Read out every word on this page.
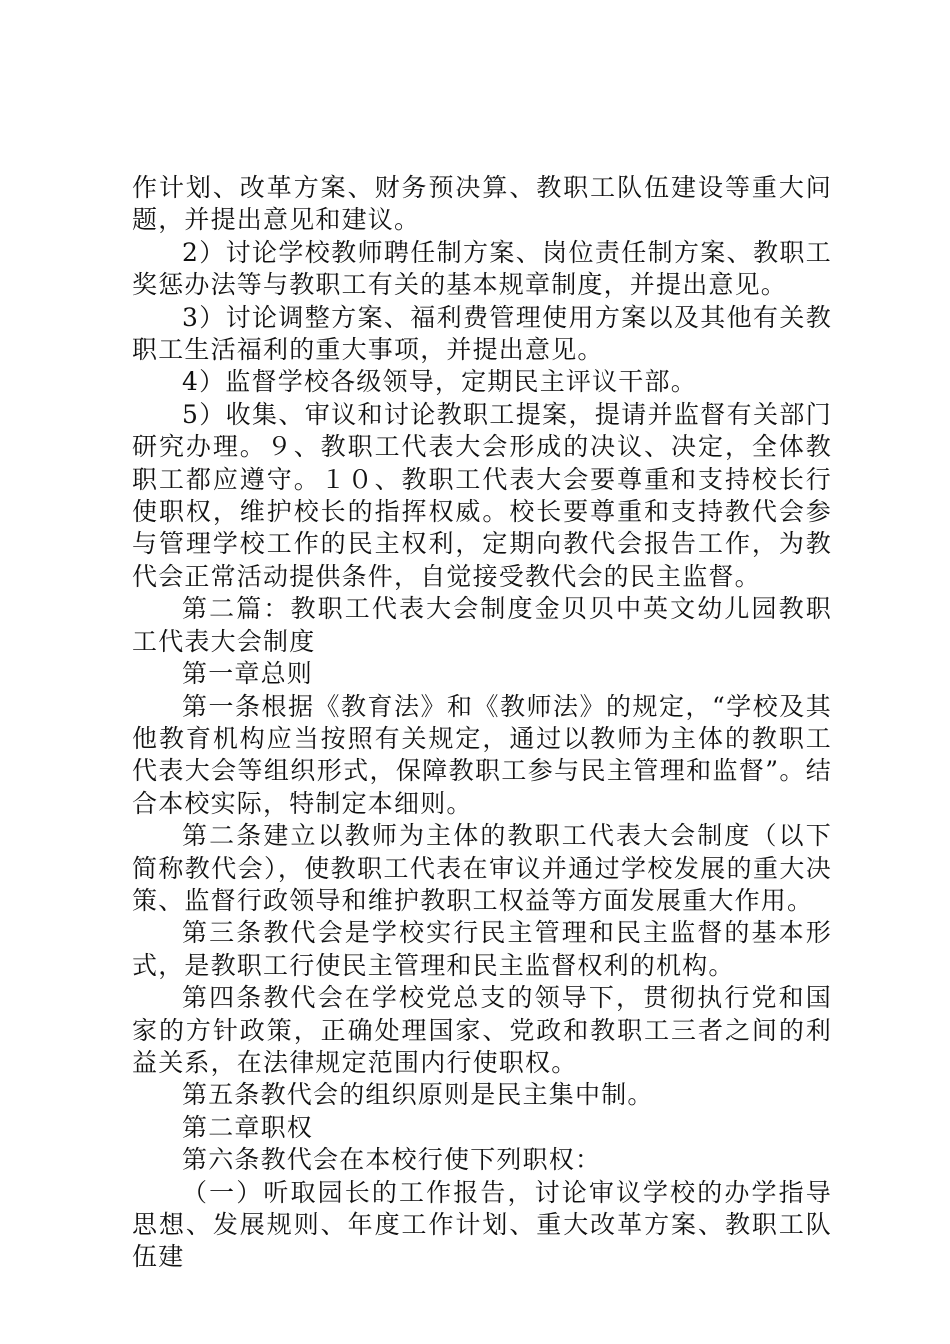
作计划、改革方案、财务预决算、教职工队伍建设等重大问题，并提出意见和建议。

2）讨论学校教师聘任制方案、岗位责任制方案、教职工奖惩办法等与教职工有关的基本规章制度，并提出意见。

3）讨论调整方案、福利费管理使用方案以及其他有关教职工生活福利的重大事项，并提出意见。

4）监督学校各级领导，定期民主评议干部。

5）收集、审议和讨论教职工提案，提请并监督有关部门研究办理。９、教职工代表大会形成的决议、决定，全体教职工都应遵守。１０、教职工代表大会要尊重和支持校长行使职权，维护校长的指挥权威。校长要尊重和支持教代会参与管理学校工作的民主权利，定期向教代会报告工作，为教代会正常活动提供条件，自觉接受教代会的民主监督。

第二篇：教职工代表大会制度金贝贝中英文幼儿园教职工代表大会制度

第一章总则

第一条根据《教育法》和《教师法》的规定，“学校及其他教育机构应当按照有关规定，通过以教师为主体的教职工代表大会等组织形式，保障教职工参与民主管理和监督”。结合本校实际，特制定本细则。

第二条建立以教师为主体的教职工代表大会制度（以下简称教代会），使教职工代表在审议并通过学校发展的重大决策、监督行政领导和维护教职工权益等方面发展重大作用。

第三条教代会是学校实行民主管理和民主监督的基本形式，是教职工行使民主管理和民主监督权利的机构。

第四条教代会在学校党总支的领导下，贯彻执行党和国家的方针政策，正确处理国家、党政和教职工三者之间的利益关系，在法律规定范围内行使职权。

第五条教代会的组织原则是民主集中制。

第二章职权

第六条教代会在本校行使下列职权：

（一）听取园长的工作报告，讨论审议学校的办学指导思想、发展规则、年度工作计划、重大改革方案、教职工队伍建
